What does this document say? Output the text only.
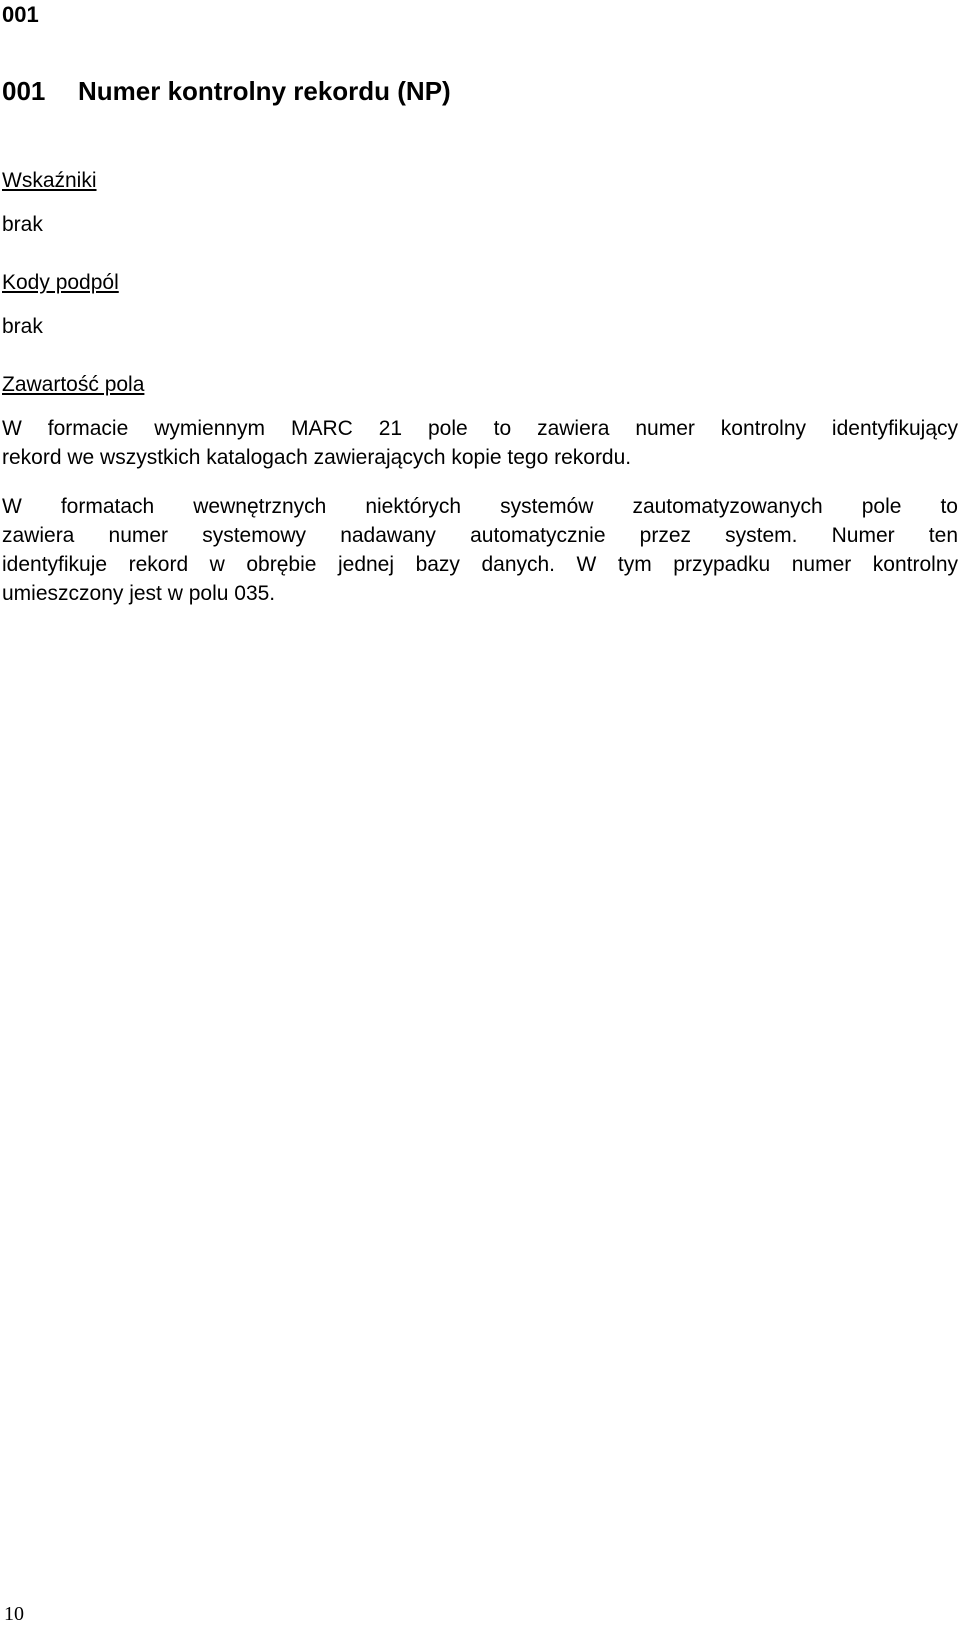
001
001 Numer kontrolny rekordu (NP)
Wskaźniki
brak
Kody podpól
brak
Zawartość pola
W formacie wymiennym MARC 21 pole to zawiera numer kontrolny identyfikujący
rekord we wszystkich katalogach zawierających kopie tego rekordu.
W formatach wewnętrznych niektórych systemów zautomatyzowanych pole to
zawiera numer systemowy nadawany automatycznie przez system. Numer ten
identyfikuje rekord w obrębie jednej bazy danych. W tym przypadku numer kontrolny
umieszczony jest w polu 035.
10
